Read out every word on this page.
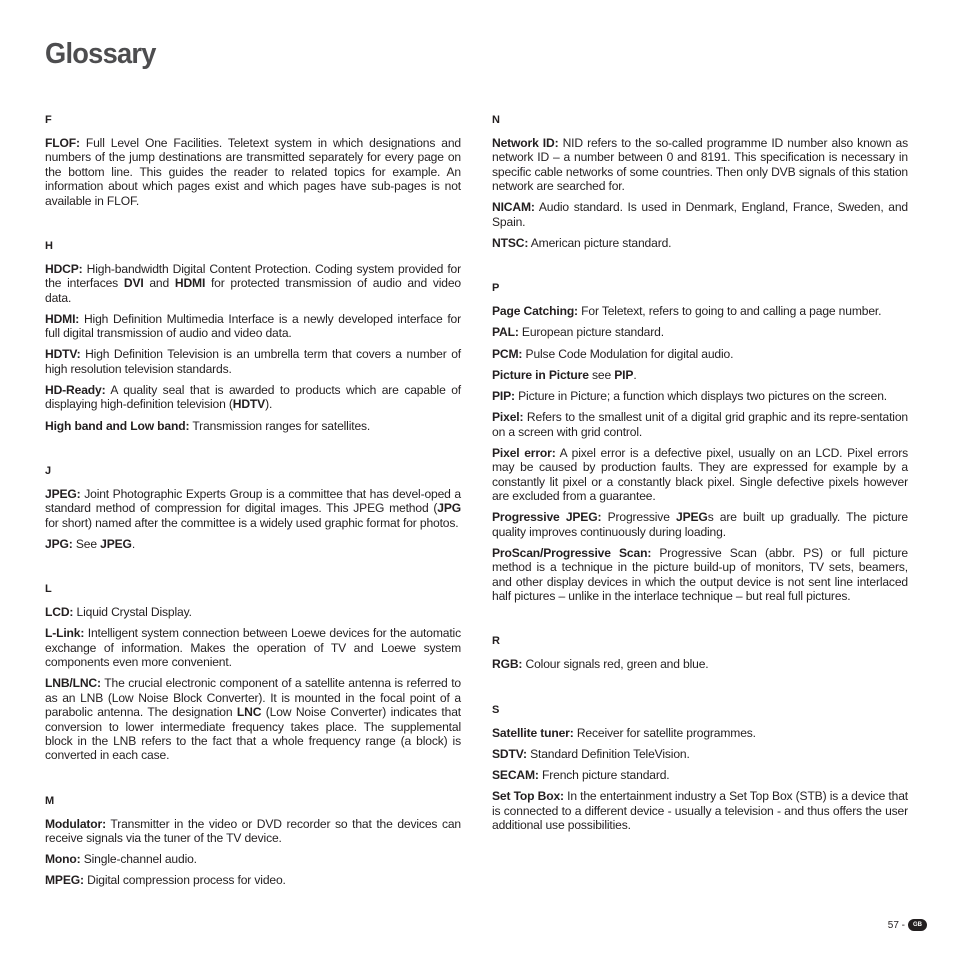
Glossary
F

FLOF: Full Level One Facilities. Teletext system in which designations and numbers of the jump destinations are transmitted separately for every page on the bottom line. This guides the reader to related topics for example. An information about which pages exist and which pages have sub-pages is not available in FLOF.

H

HDCP: High-bandwidth Digital Content Protection. Coding system provided for the interfaces DVI and HDMI for protected transmission of audio and video data.

HDMI: High Definition Multimedia Interface is a newly developed interface for full digital transmission of audio and video data.

HDTV: High Definition Television is an umbrella term that covers a number of high resolution television standards.

HD-Ready: A quality seal that is awarded to products which are capable of displaying high-definition television (HDTV).

High band and Low band: Transmission ranges for satellites.

J

JPEG: Joint Photographic Experts Group is a committee that has devel-oped a standard method of compression for digital images. This JPEG method (JPG for short) named after the committee is a widely used graphic format for photos.

JPG: See JPEG.

L

LCD: Liquid Crystal Display.

L-Link: Intelligent system connection between Loewe devices for the automatic exchange of information. Makes the operation of TV and Loewe system components even more convenient.

LNB/LNC: The crucial electronic component of a satellite antenna is referred to as an LNB (Low Noise Block Converter). It is mounted in the focal point of a parabolic antenna. The designation LNC (Low Noise Converter) indicates that conversion to lower intermediate frequency takes place. The supplemental block in the LNB refers to the fact that a whole frequency range (a block) is converted in each case.

M

Modulator: Transmitter in the video or DVD recorder so that the devices can receive signals via the tuner of the TV device.

Mono: Single-channel audio.

MPEG: Digital compression process for video.

N

Network ID: NID refers to the so-called programme ID number also known as network ID – a number between 0 and 8191. This specification is necessary in specific cable networks of some countries. Then only DVB signals of this station network are searched for.

NICAM: Audio standard. Is used in Denmark, England, France, Sweden, and Spain.

NTSC: American picture standard.

P

Page Catching: For Teletext, refers to going to and calling a page number.

PAL: European picture standard.

PCM: Pulse Code Modulation for digital audio.

Picture in Picture see PIP.

PIP: Picture in Picture; a function which displays two pictures on the screen.

Pixel: Refers to the smallest unit of a digital grid graphic and its repre-sentation on a screen with grid control.

Pixel error: A pixel error is a defective pixel, usually on an LCD. Pixel errors may be caused by production faults. They are expressed for example by a constantly lit pixel or a constantly black pixel. Single defective pixels however are excluded from a guarantee.

Progressive JPEG: Progressive JPEGs are built up gradually. The picture quality improves continuously during loading.

ProScan/Progressive Scan: Progressive Scan (abbr. PS) or full picture method is a technique in the picture build-up of monitors, TV sets, beamers, and other display devices in which the output device is not sent line interlaced half pictures – unlike in the interlace technique – but real full pictures.

R

RGB: Colour signals red, green and blue.

S

Satellite tuner: Receiver for satellite programmes.

SDTV: Standard Definition TeleVision.

SECAM: French picture standard.

Set Top Box: In the entertainment industry a Set Top Box (STB) is a device that is connected to a different device - usually a television - and thus offers the user additional use possibilities.

57 -	GB
